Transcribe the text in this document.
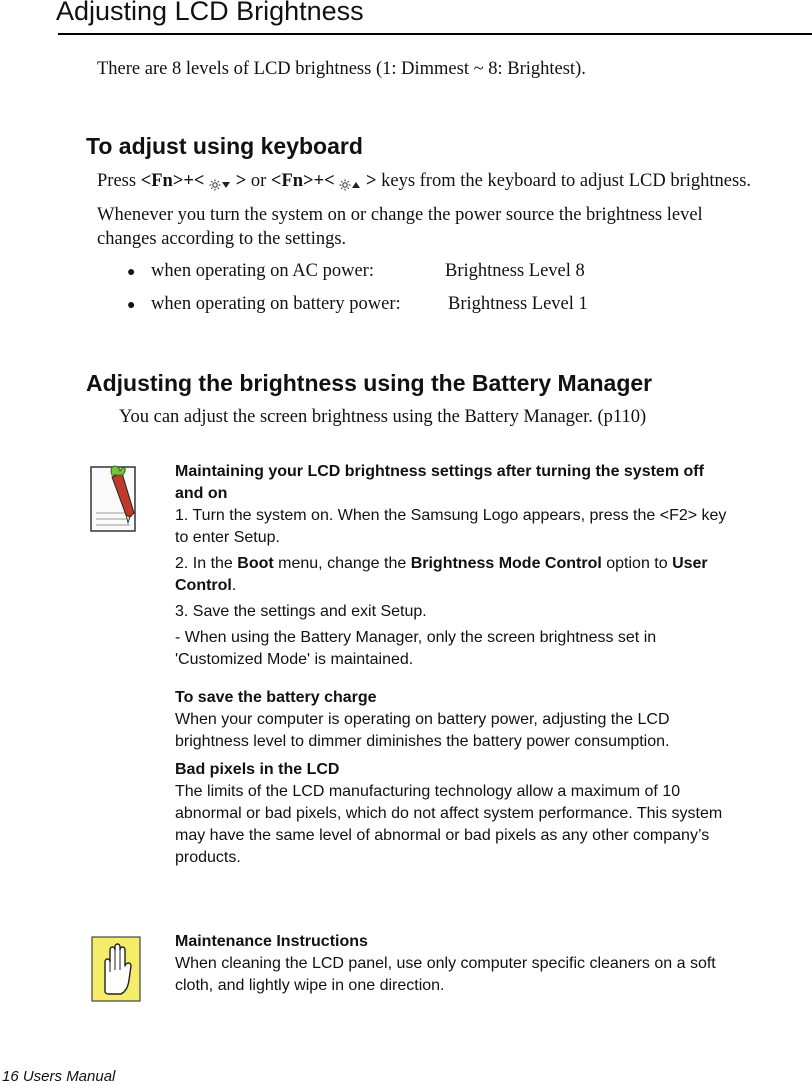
Adjusting LCD Brightness
There are 8 levels of LCD brightness (1: Dimmest ~ 8: Brightest).
To adjust using keyboard
Press <Fn>+<  > or <Fn>+<  > keys from the keyboard to adjust LCD brightness.
Whenever you turn the system on or change the power source the brightness level
changes according to the settings.
● when operating on AC power:	Brightness Level 8
● when operating on battery power:	Brightness Level 1
Adjusting the brightness using the Battery Manager
You can adjust the screen brightness using the Battery Manager. (p110)
Maintaining your LCD brightness settings after turning the system off
and on
1. Turn the system on. When the Samsung Logo appears, press the <F2> key
to enter Setup.
2. In the Boot menu, change the Brightness Mode Control option to User
Control.
3. Save the settings and exit Setup.
- When using the Battery Manager, only the screen brightness set in
'Customized Mode' is maintained.
To save the battery charge
When your computer is operating on battery power, adjusting the LCD
brightness level to dimmer diminishes the battery power consumption.
Bad pixels in the LCD
The limits of the LCD manufacturing technology allow a maximum of 10
abnormal or bad pixels, which do not affect system performance. This system
may have the same level of abnormal or bad pixels as any other company’s
products.
Maintenance Instructions
When cleaning the LCD panel, use only computer specific cleaners on a soft
cloth, and lightly wipe in one direction.
16 Users Manual
